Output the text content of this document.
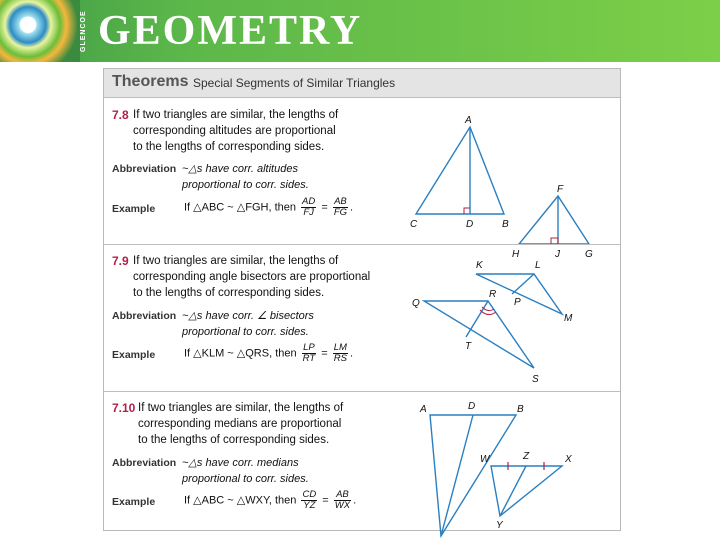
GLENCOE GEOMETRY
Theorems Special Segments of Similar Triangles
7.8 If two triangles are similar, the lengths of
corresponding altitudes are proportional
to the lengths of corresponding sides.
Abbreviation ~△s have corr. altitudes
proportional to corr. sides.
Example	If △ABC ~ △FGH, then $\frac{AD}{FJ} = \frac{AB}{FG}$ .
A
C	D	B
F
H	J	G
7.9 If two triangles are similar, the lengths of
corresponding angle bisectors are proportional
to the lengths of corresponding sides.
Abbreviation ~△s have corr. ∠ bisectors
proportional to corr. sides.
Example	If △KLM ~ △QRS, then $\frac{LP}{RT} = \frac{LM}{RS}$ .
K	L
P
M
Q
R
T
S
7.10 If two triangles are similar, the lengths of
corresponding medians are proportional
to the lengths of corresponding sides.
Abbreviation ~△s have corr. medians
proportional to corr. sides.
Example	If △ABC ~ △WXY, then $\frac{CD}{YZ} = \frac{AB}{WX}$ .
A	D	B
W	Z	X
Y
